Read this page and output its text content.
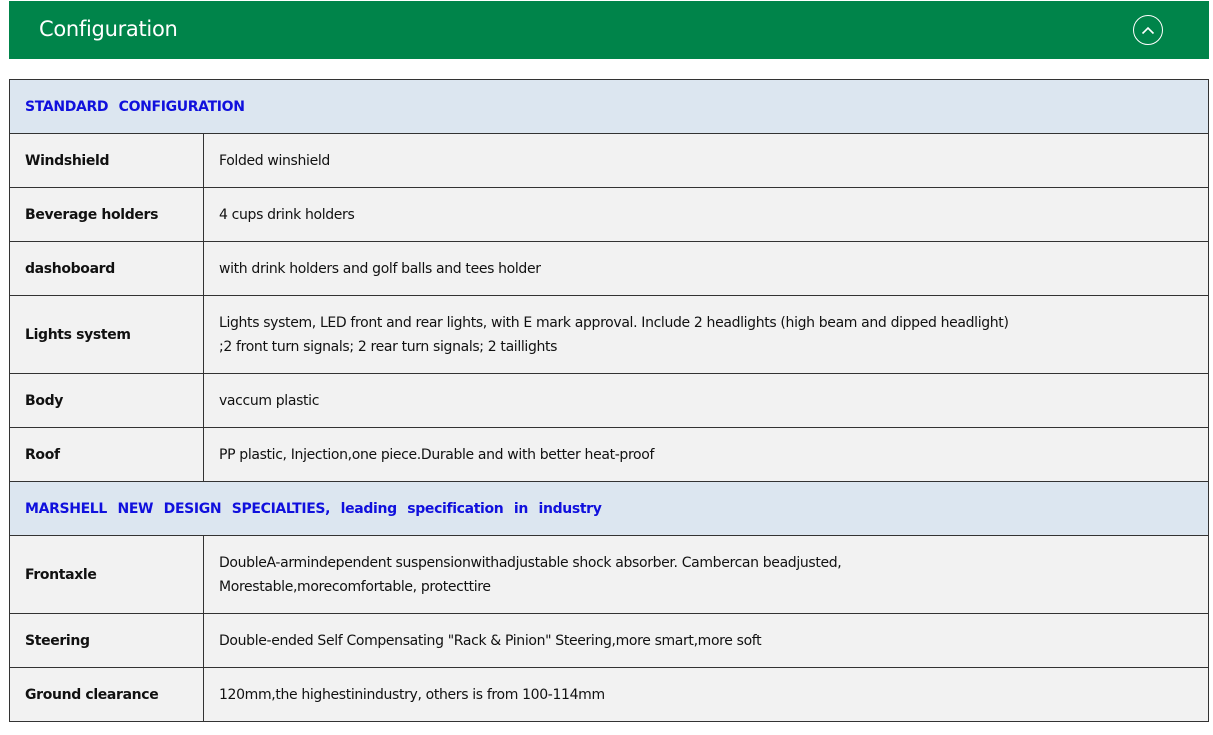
Configuration
STANDARD CONFIGURATION	
Windshield	Folded winshield

Beverage holders	4 cups drink holders

dashoboard	with drink holders and golf balls and tees holder

Lights system	Lights system, LED front and rear lights, with E mark approval. Include 2 headlights (high beam and dipped headlight)
;2 front turn signals; 2 rear turn signals; 2 taillights

Body	vaccum plastic

Roof	PP plastic, Injection,one piece.Durable and with better heat-proof

MARSHELL NEW DESIGN SPECIALTIES, leading specification in industry	
Frontaxle	DoubleA-armindependent suspensionwithadjustable shock absorber. Cambercan beadjusted,
Morestable,morecomfortable, protecttire

Steering	Double-ended Self Compensating "Rack & Pinion" Steering,more smart,more soft

Ground clearance	120mm,the highestinindustry, others is from 100-114mm
